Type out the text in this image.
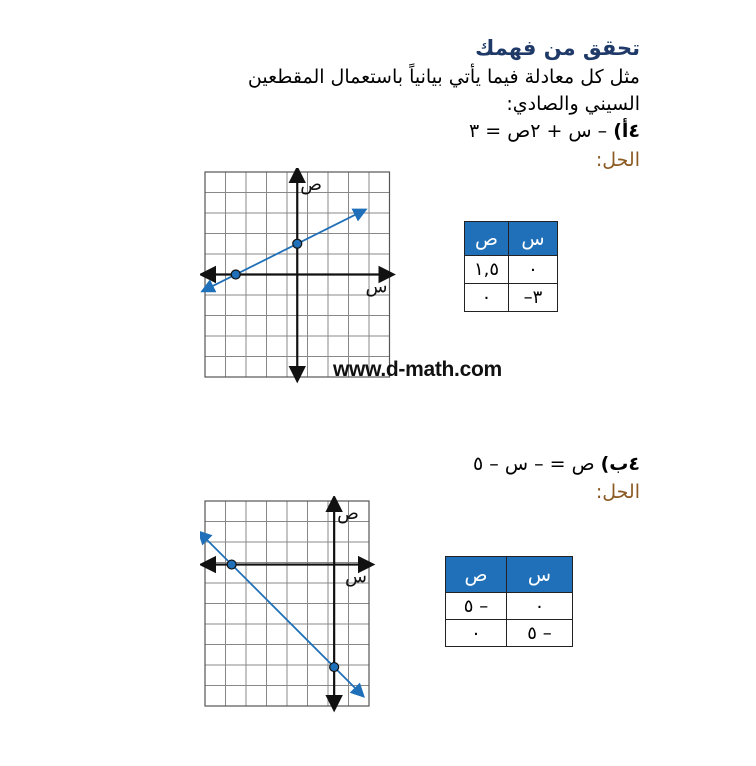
تحقق من فهمك
مثل كل معادلة فيما يأتي بيانياً باستعمال المقطعين
السيني والصادي:
٤أ) – س + ٢ص = ٣
الحل:
س
ص
س	ص
٠	١,٥
٣–	٠
www.d-math.com
٤ب) ص = – س – ٥
الحل:
س
ص
س	ص
٠	– ٥
– ٥	٠
